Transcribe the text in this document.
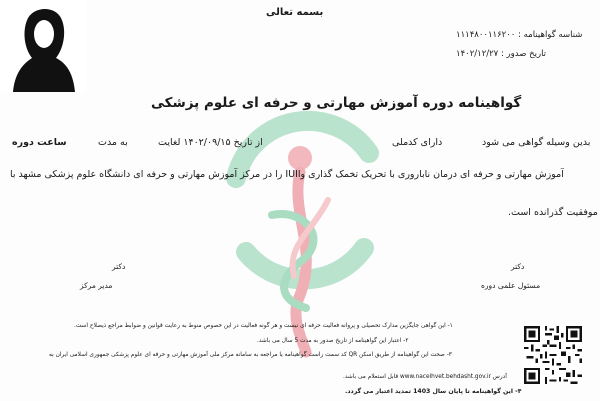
بسمه تعالی
شناسه گواهینامه : ۱۱۱۴۸۰۰۱۱۶۲۰۰
تاریخ صدور : ۱۴۰۲/۱۲/۲۷
گواهینامه دوره آموزش مهارتی و حرفه ای علوم پزشکی
بدین وسیله گواهی می شود
دارای کدملی
از تاریخ ۱۴۰۲/۰۹/۱۵ لغایت
به مدت
ساعت دوره
آموزش مهارتی و حرفه ای درمان ناباروری با تحریک تخمک گذاری واIUI را در مرکز آموزش مهارتی و حرفه ای دانشگاه علوم پزشکی مشهد با
موفقیت گذرانده است.
دکتر
مسئول علمی دوره
دکتر
مدیر مرکز
۱- این گواهی جایگزین مدارک تحصیلی و پروانه فعالیت حرفه ای نیست و هر گونه فعالیت در این خصوص منوط به رعایت قوانین و ضوابط مراجع ذیصلاح است.
۲- اعتبار این گواهینامه از تاریخ صدور به مدت 5 سال می باشد.
۳- صحت این گواهینامه از طریق اسکن QR کد سمت راست گواهینامه یا مراجعه به سامانه مرکز ملی آموزش مهارتی و حرفه ای علوم پزشکی جمهوری اسلامی ایران به
آدرس www.nacelhvet.behdasht.gov.ir قابل استعلام می باشد.
۴- این گواهینامه تا پایان سال 1403 تمدید اعتبار می گردد.
